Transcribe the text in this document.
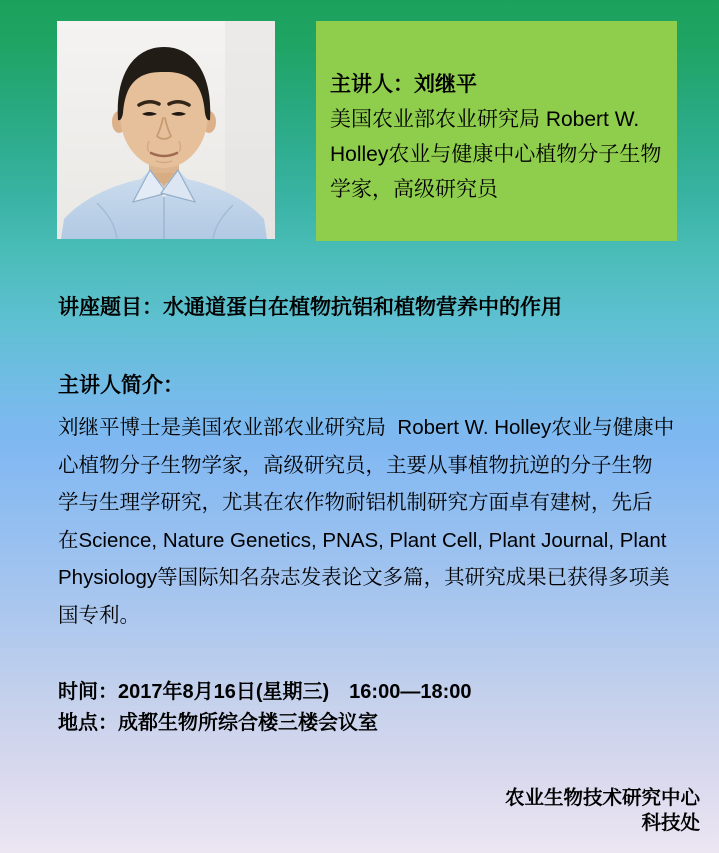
主讲人：刘继平
美国农业部农业研究局 Robert W.
Holley农业与健康中心植物分子生物
学家，高级研究员
讲座题目：水通道蛋白在植物抗铝和植物营养中的作用
主讲人简介：
刘继平博士是美国农业部农业研究局  Robert W. Holley农业与健康中
心植物分子生物学家，高级研究员，主要从事植物抗逆的分子生物
学与生理学研究，尤其在农作物耐铝机制研究方面卓有建树，先后
在Science, Nature Genetics, PNAS, Plant Cell, Plant Journal, Plant
Physiology等国际知名杂志发表论文多篇，其研究成果已获得多项美
国专利。
时间：2017年8月16日(星期三)　16:00—18:00
地点：成都生物所综合楼三楼会议室
农业生物技术研究中心
科技处
